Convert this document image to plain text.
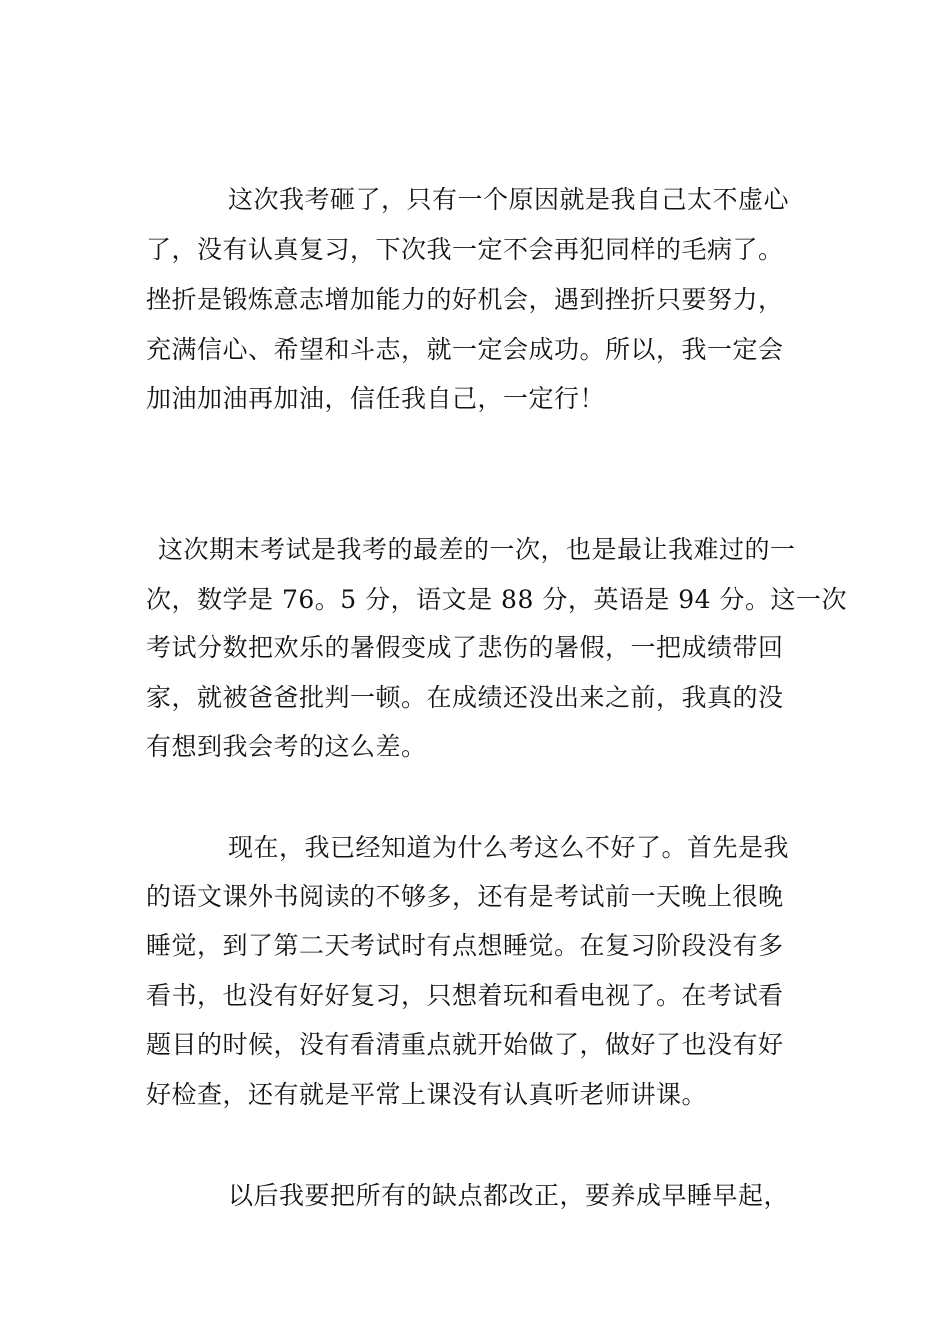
这次我考砸了，只有一个原因就是我自己太不虚心
了，没有认真复习，下次我一定不会再犯同样的毛病了。
挫折是锻炼意志增加能力的好机会，遇到挫折只要努力，
充满信心、希望和斗志，就一定会成功。所以，我一定会
加油加油再加油，信任我自己，一定行！
这次期末考试是我考的最差的一次，也是最让我难过的一
次，数学是 76。5 分，语文是 88 分，英语是 94 分。这一次
考试分数把欢乐的暑假变成了悲伤的暑假，一把成绩带回
家，就被爸爸批判一顿。在成绩还没出来之前，我真的没
有想到我会考的这么差。
现在，我已经知道为什么考这么不好了。首先是我
的语文课外书阅读的不够多，还有是考试前一天晚上很晚
睡觉，到了第二天考试时有点想睡觉。在复习阶段没有多
看书，也没有好好复习，只想着玩和看电视了。在考试看
题目的时候，没有看清重点就开始做了，做好了也没有好
好检查，还有就是平常上课没有认真听老师讲课。
以后我要把所有的缺点都改正，要养成早睡早起，
